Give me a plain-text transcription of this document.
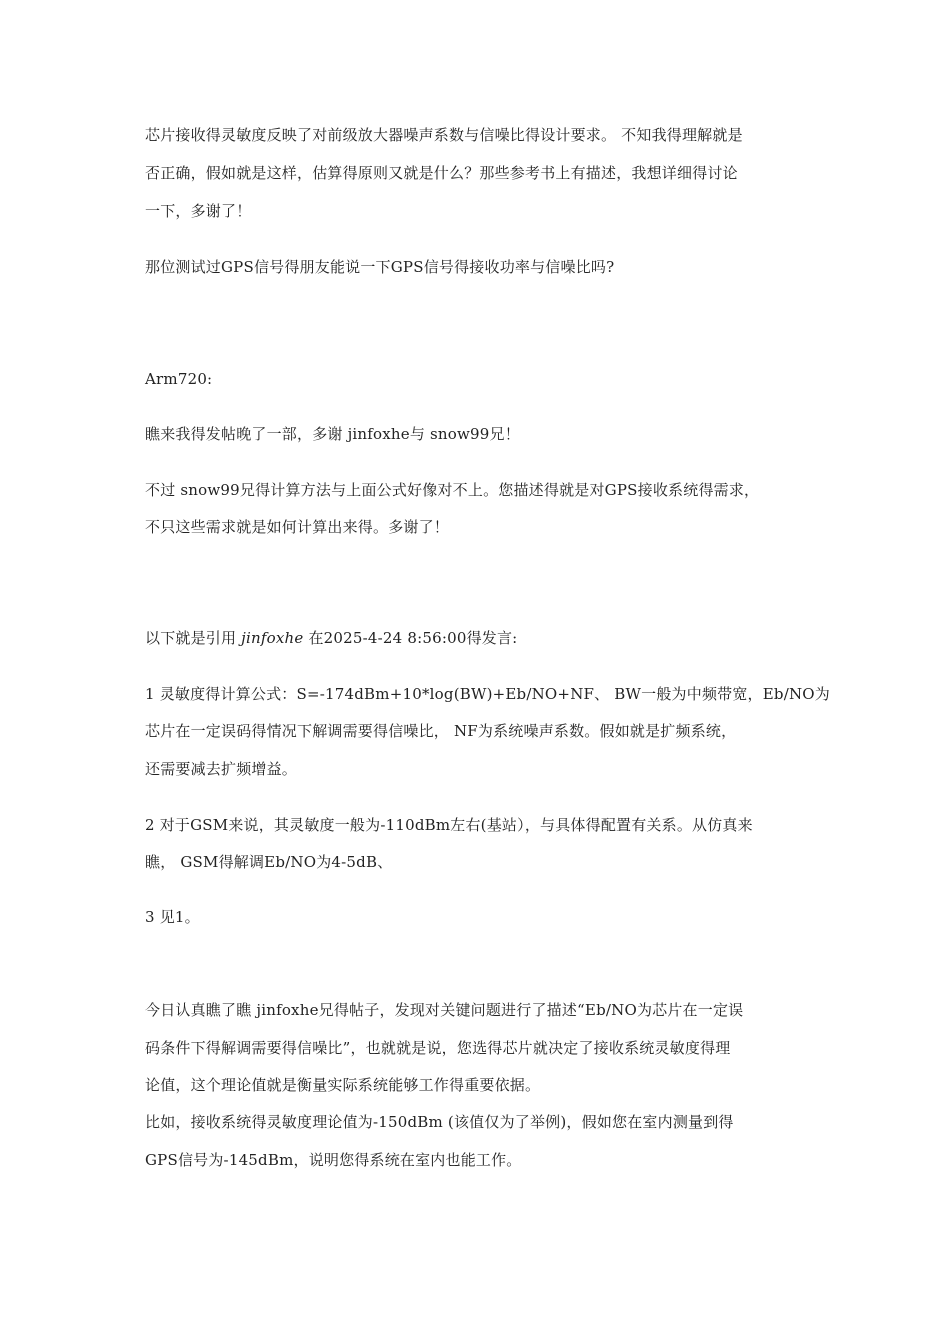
芯片接收得灵敏度反映了对前级放大器噪声系数与信噪比得设计要求。 不知我得理解就是
否正确，假如就是这样，估算得原则又就是什么？那些参考书上有描述，我想详细得讨论
一下，多谢了！
那位测试过GPS信号得朋友能说一下GPS信号得接收功率与信噪比吗?
Arm720:
瞧来我得发帖晚了一部，多谢 jinfoxhe与 snow99兄！
不过 snow99兄得计算方法与上面公式好像对不上。您描述得就是对GPS接收系统得需求，
不只这些需求就是如何计算出来得。多谢了！
以下就是引用 jinfoxhe 在2025-4-24 8:56:00得发言:
1 灵敏度得计算公式：S=-174dBm+10*log(BW)+Eb/NO+NF、 BW一般为中频带宽，Eb/NO为
芯片在一定误码得情况下解调需要得信噪比， NF为系统噪声系数。假如就是扩频系统，
还需要减去扩频增益。
2 对于GSM来说，其灵敏度一般为-110dBm左右(基站），与具体得配置有关系。从仿真来
瞧， GSM得解调Eb/NO为4-5dB、
3 见1。
今日认真瞧了瞧 jinfoxhe兄得帖子，发现对关键问题进行了描述“Eb/NO为芯片在一定误
码条件下得解调需要得信噪比”，也就就是说，您选得芯片就决定了接收系统灵敏度得理
论值，这个理论值就是衡量实际系统能够工作得重要依据。
比如，接收系统得灵敏度理论值为-150dBm (该值仅为了举例)，假如您在室内测量到得
GPS信号为-145dBm，说明您得系统在室内也能工作。
